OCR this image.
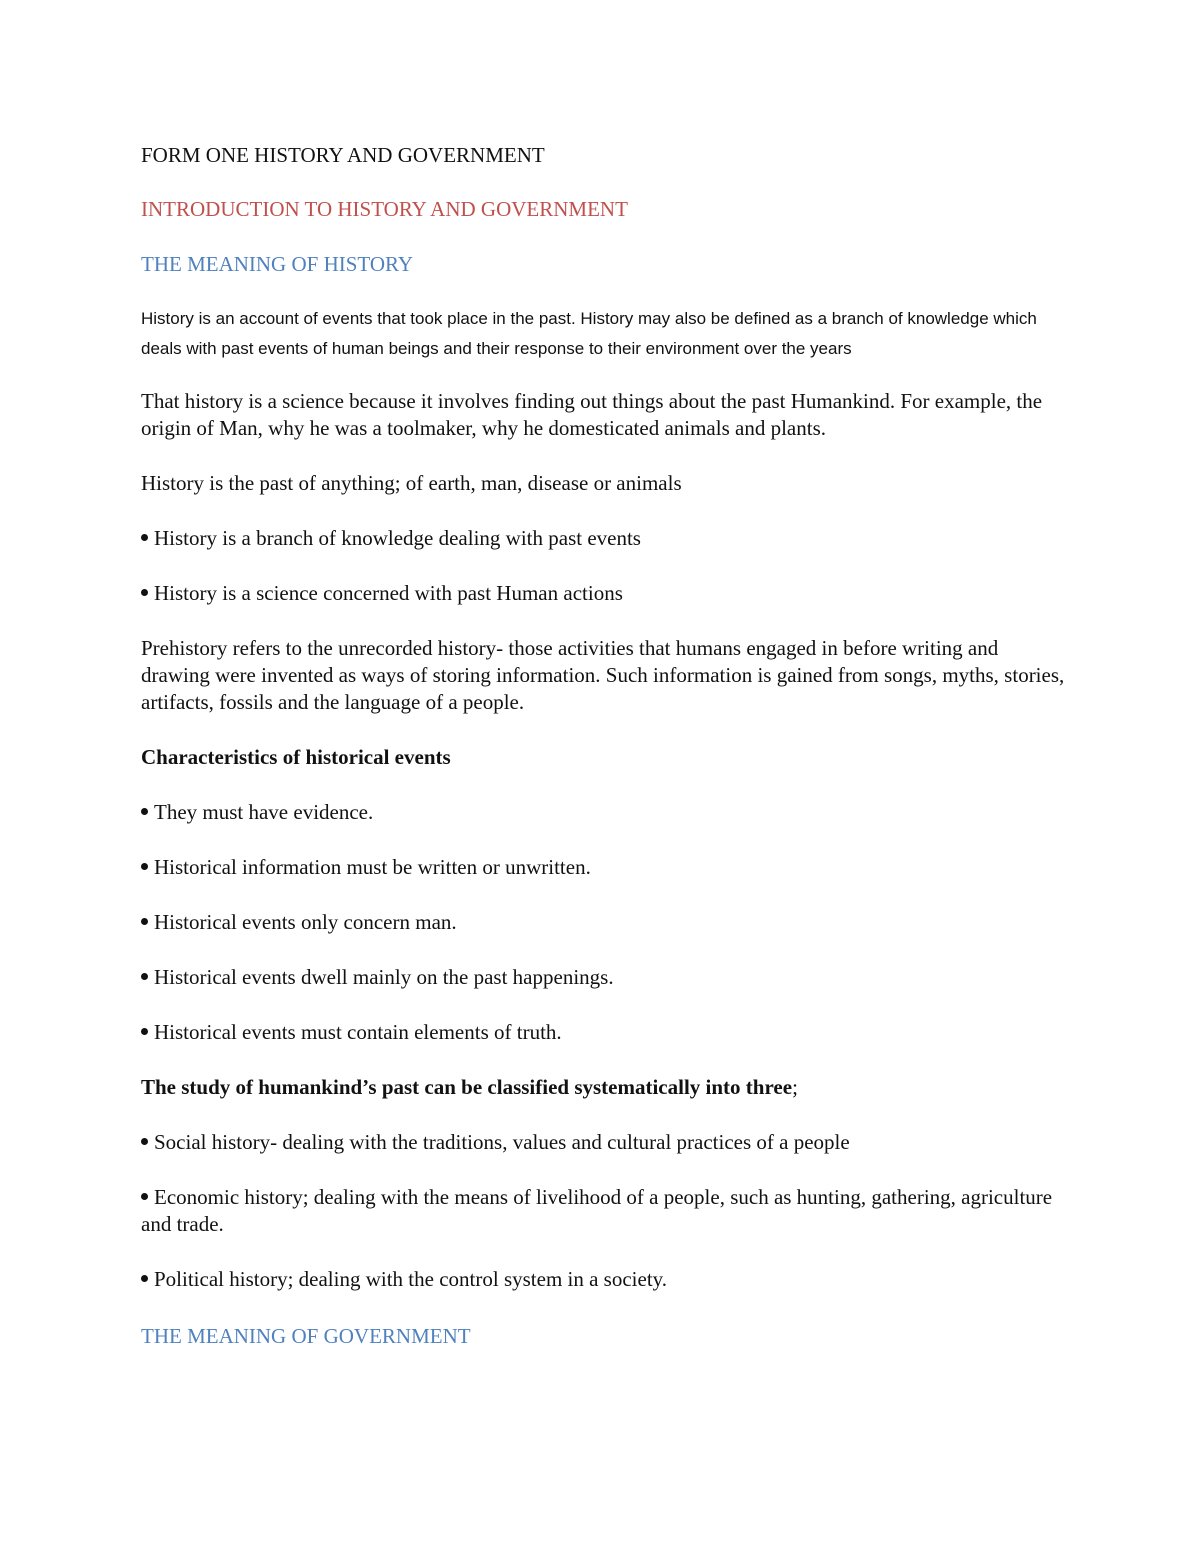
FORM ONE HISTORY AND GOVERNMENT

INTRODUCTION TO HISTORY AND GOVERNMENT

THE MEANING OF HISTORY

History is an account of events that took place in the past. History may also be defined as a branch of knowledge which deals with past events of human beings and their response to their environment over the years

That history is a science because it involves finding out things about the past Humankind. For example, the origin of Man, why he was a toolmaker, why he domesticated animals and plants.

History is the past of anything; of earth, man, disease or animals

History is a branch of knowledge dealing with past events

History is a science concerned with past Human actions

Prehistory refers to the unrecorded history- those activities that humans engaged in before writing and drawing were invented as ways of storing information. Such information is gained from songs, myths, stories, artifacts, fossils and the language of a people.

Characteristics of historical events

They must have evidence.

Historical information must be written or unwritten.

Historical events only concern man.

Historical events dwell mainly on the past happenings.

Historical events must contain elements of truth.

The study of humankind’s past can be classified systematically into three;

Social history- dealing with the traditions, values and cultural practices of a people

Economic history; dealing with the means of livelihood of a people, such as hunting, gathering, agriculture and trade.

Political history; dealing with the control system in a society.

THE MEANING OF GOVERNMENT
